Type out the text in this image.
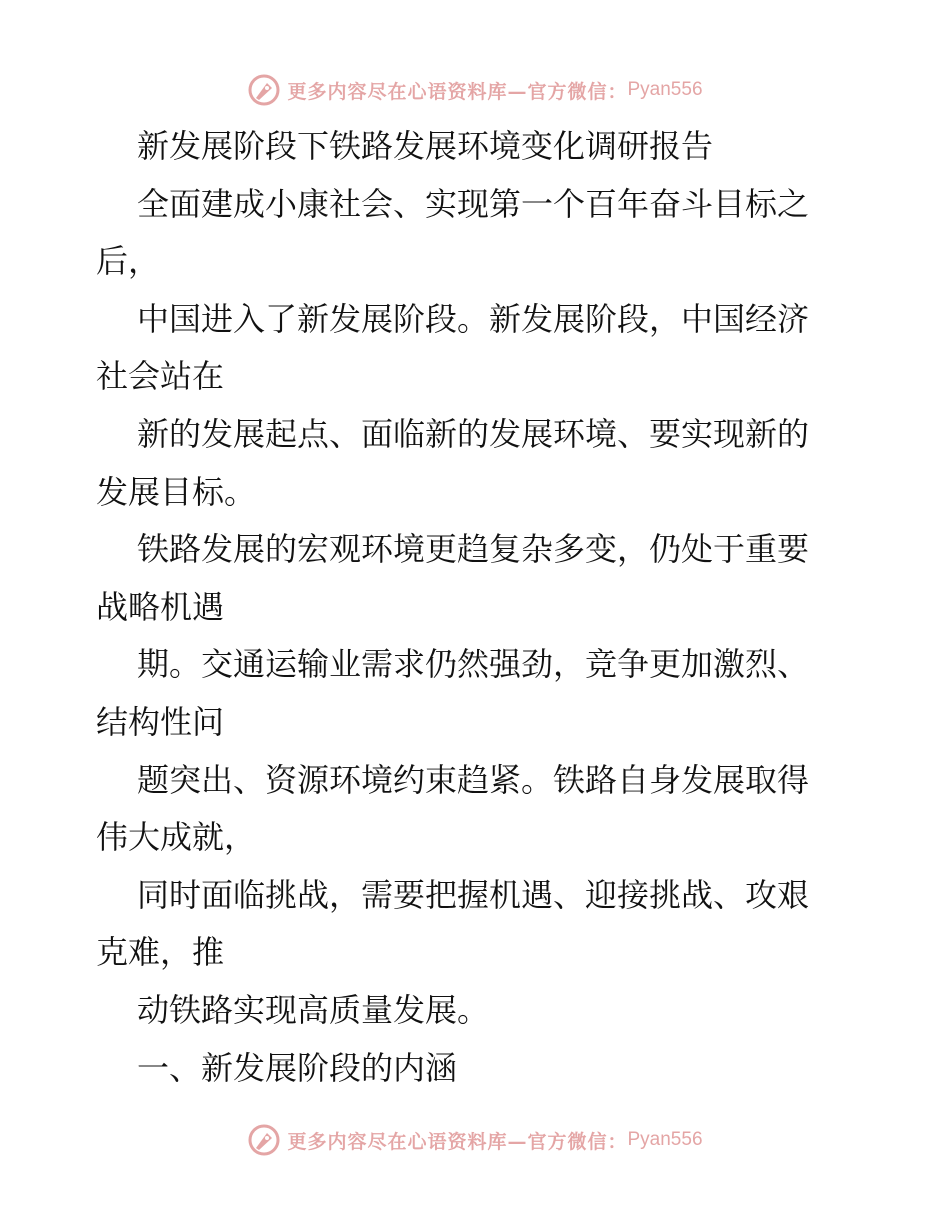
更多内容尽在心语资料库—官方微信： Pyan556
新发展阶段下铁路发展环境变化调研报告
全面建成小康社会、实现第一个百年奋斗目标之
后，
中国进入了新发展阶段。新发展阶段，中国经济
社会站在
新的发展起点、面临新的发展环境、要实现新的
发展目标。
铁路发展的宏观环境更趋复杂多变，仍处于重要
战略机遇
期。交通运输业需求仍然强劲，竞争更加激烈、
结构性问
题突出、资源环境约束趋紧。铁路自身发展取得
伟大成就，
同时面临挑战，需要把握机遇、迎接挑战、攻艰
克难，推
动铁路实现高质量发展。
一、新发展阶段的内涵
更多内容尽在心语资料库—官方微信： Pyan556
